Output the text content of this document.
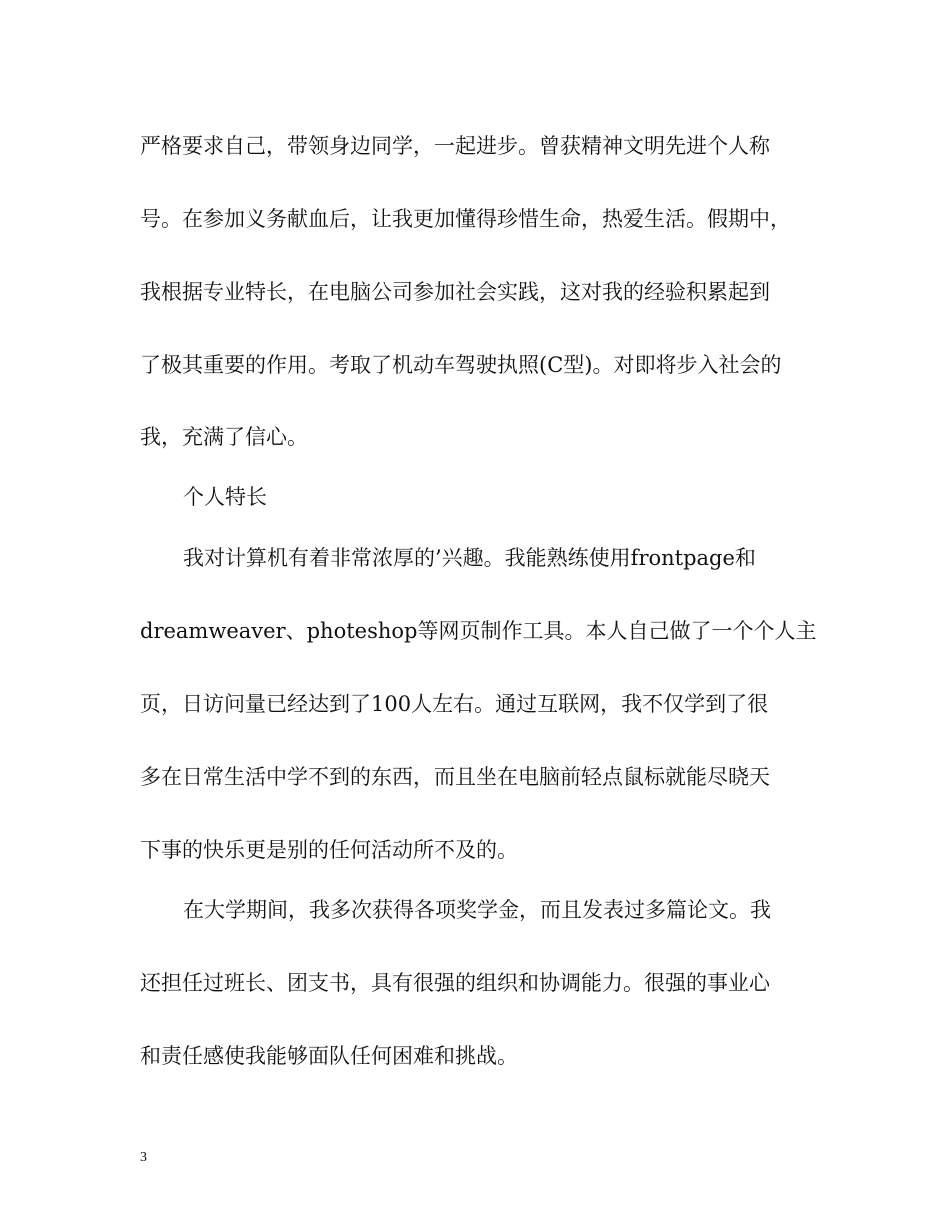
严格要求自己，带领身边同学，一起进步。曾获精神文明先进个人称
号。在参加义务献血后，让我更加懂得珍惜生命，热爱生活。假期中，
我根据专业特长，在电脑公司参加社会实践，这对我的经验积累起到
了极其重要的作用。考取了机动车驾驶执照(C型)。对即将步入社会的
我，充满了信心。
个人特长
我对计算机有着非常浓厚的’兴趣。我能熟练使用frontpage和
dreamweaver、photeshop等网页制作工具。本人自己做了一个个人主
页，日访问量已经达到了100人左右。通过互联网，我不仅学到了很
多在日常生活中学不到的东西，而且坐在电脑前轻点鼠标就能尽晓天
下事的快乐更是别的任何活动所不及的。
在大学期间，我多次获得各项奖学金，而且发表过多篇论文。我
还担任过班长、团支书，具有很强的组织和协调能力。很强的事业心
和责任感使我能够面队任何困难和挑战。
3
